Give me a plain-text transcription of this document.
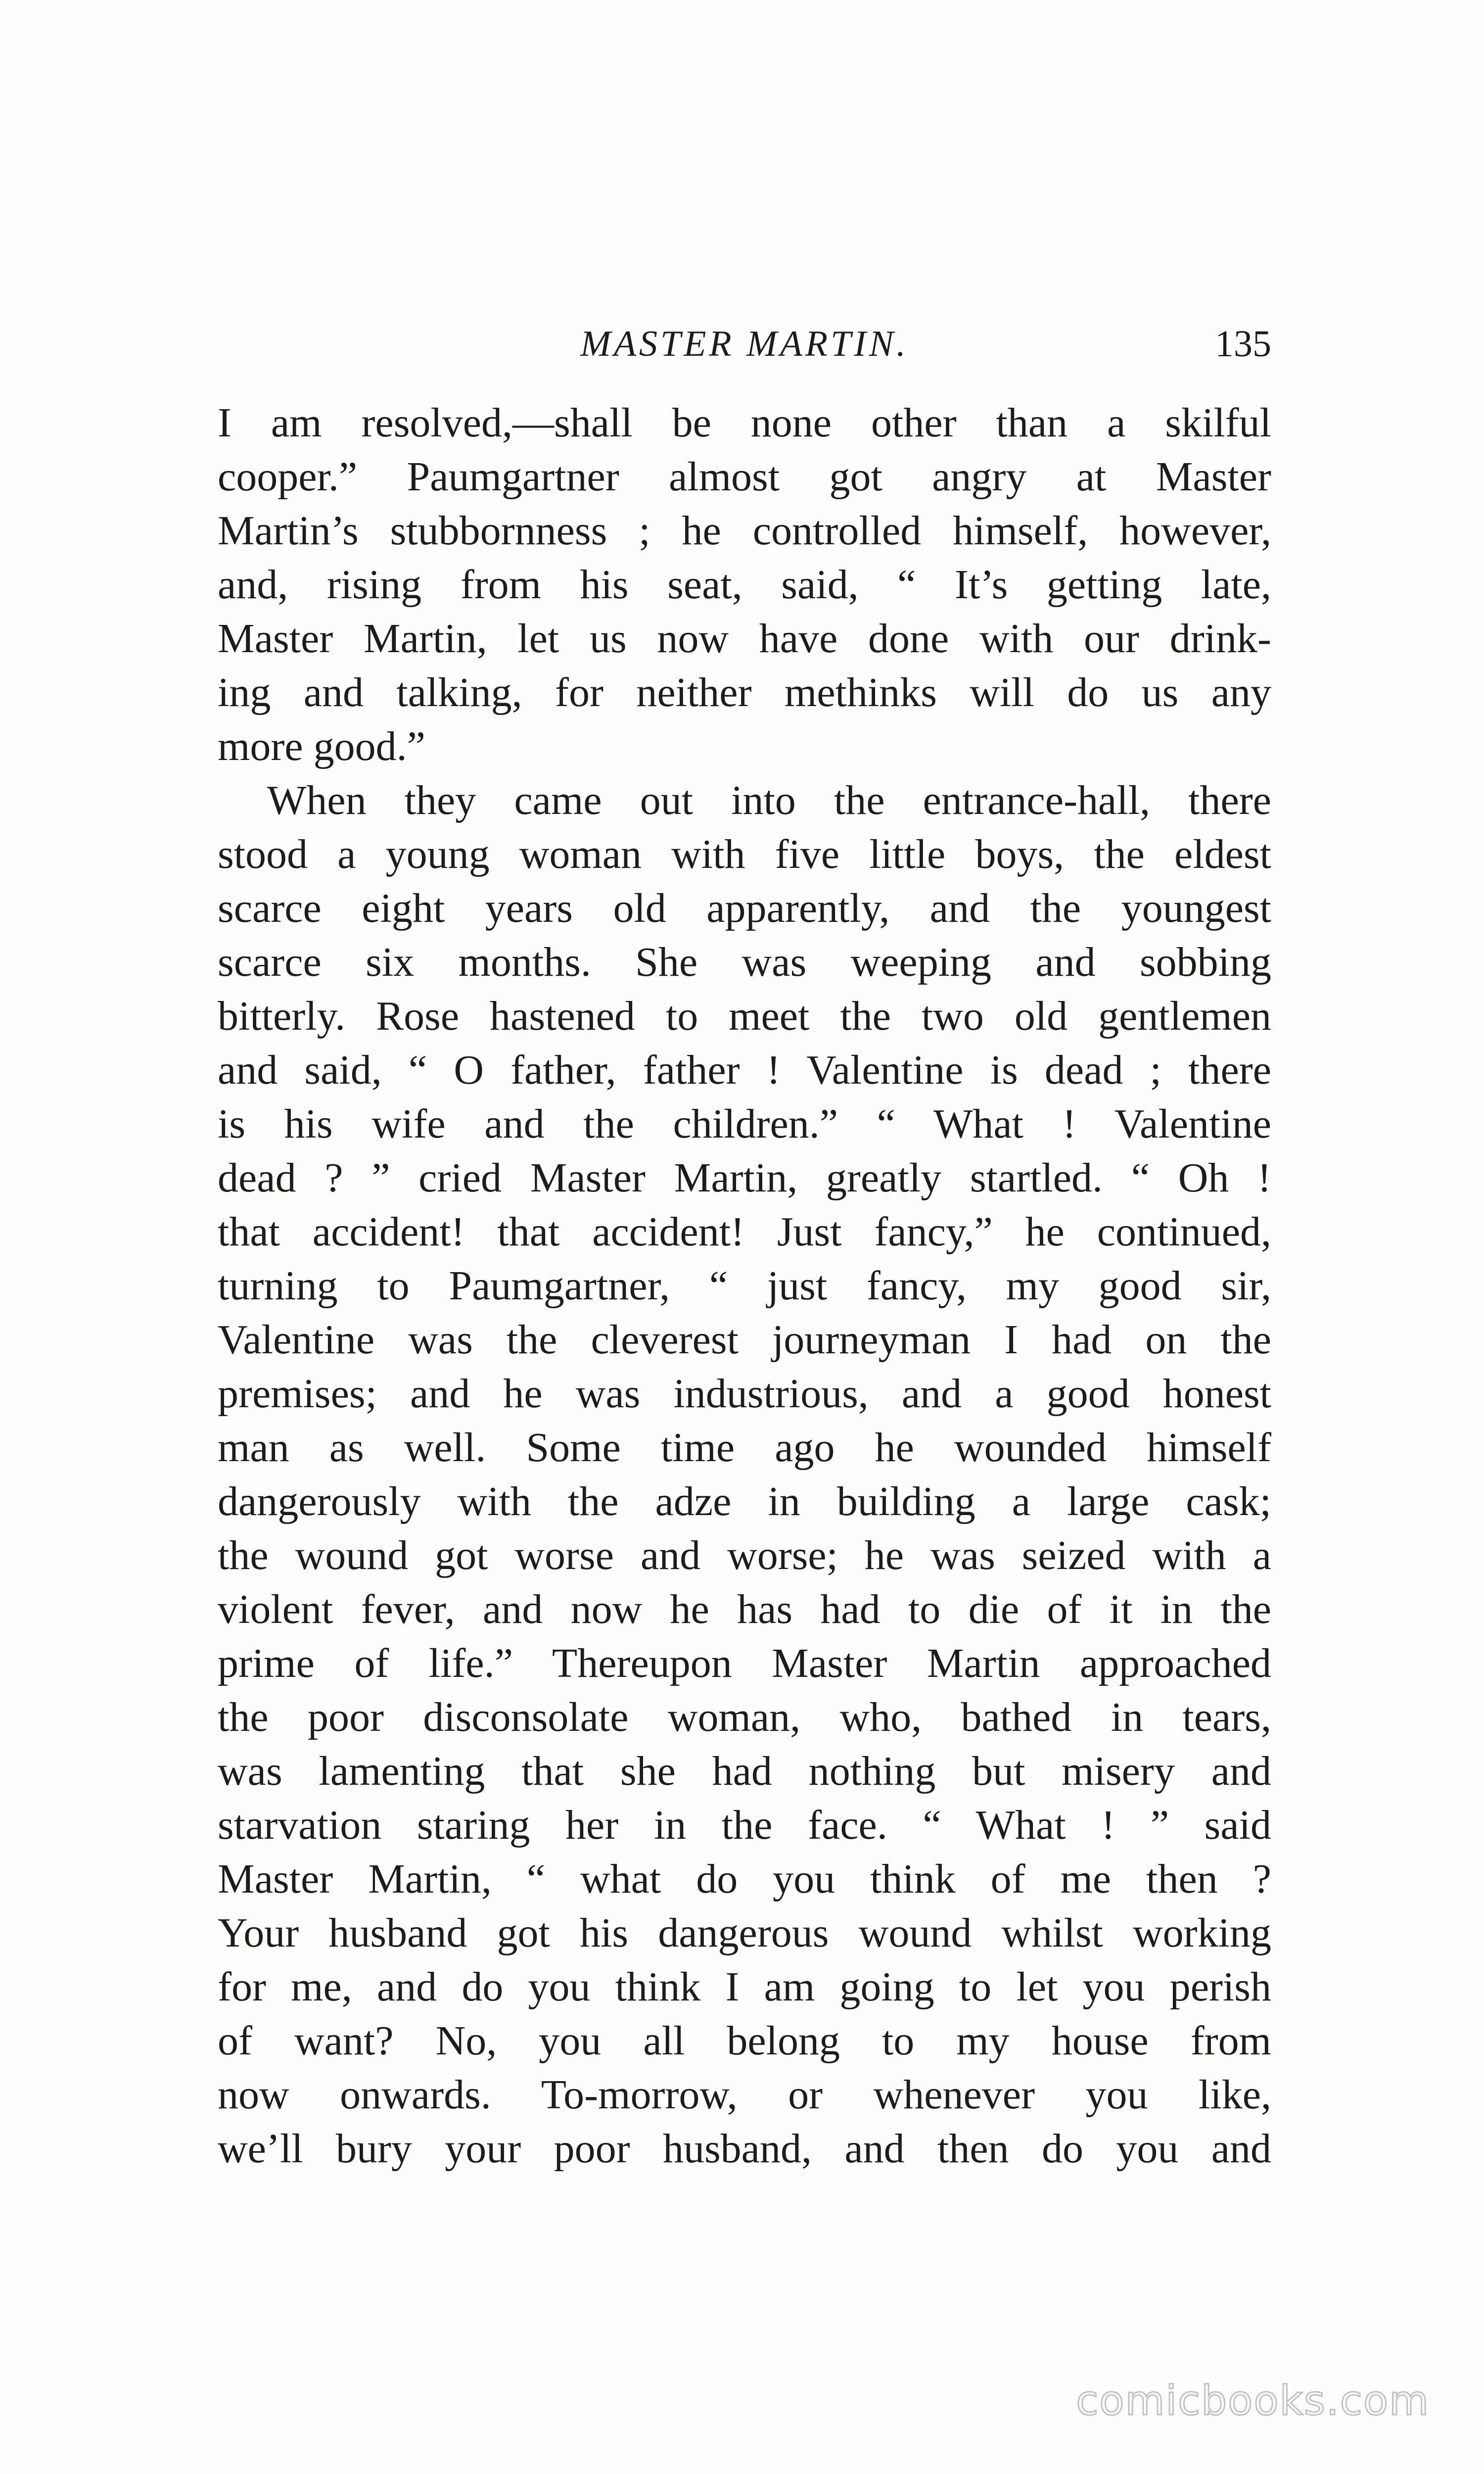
MASTER MARTIN.	135
I am resolved,—shall be none other than a skilful
cooper.” Paumgartner almost got angry at Master
Martin’s stubbornness ; he controlled himself, however,
and, rising from his seat, said, “ It’s getting late,
Master Martin, let us now have done with our drink-
ing and talking, for neither methinks will do us any
more good.”
When they came out into the entrance-hall, there
stood a young woman with five little boys, the eldest
scarce eight years old apparently, and the youngest
scarce six months. She was weeping and sobbing
bitterly. Rose hastened to meet the two old gentlemen
and said, “ O father, father ! Valentine is dead ; there
is his wife and the children.” “ What ! Valentine
dead ? ” cried Master Martin, greatly startled. “ Oh !
that accident! that accident! Just fancy,” he continued,
turning to Paumgartner, “ just fancy, my good sir,
Valentine was the cleverest journeyman I had on the
premises; and he was industrious, and a good honest
man as well. Some time ago he wounded himself
dangerously with the adze in building a large cask;
the wound got worse and worse; he was seized with a
violent fever, and now he has had to die of it in the
prime of life.” Thereupon Master Martin approached
the poor disconsolate woman, who, bathed in tears,
was lamenting that she had nothing but misery and
starvation staring her in the face. “ What ! ” said
Master Martin, “ what do you think of me then ?
Your husband got his dangerous wound whilst working
for me, and do you think I am going to let you perish
of want? No, you all belong to my house from
now onwards. To-morrow, or whenever you like,
we’ll bury your poor husband, and then do you and
comicbooks.com
